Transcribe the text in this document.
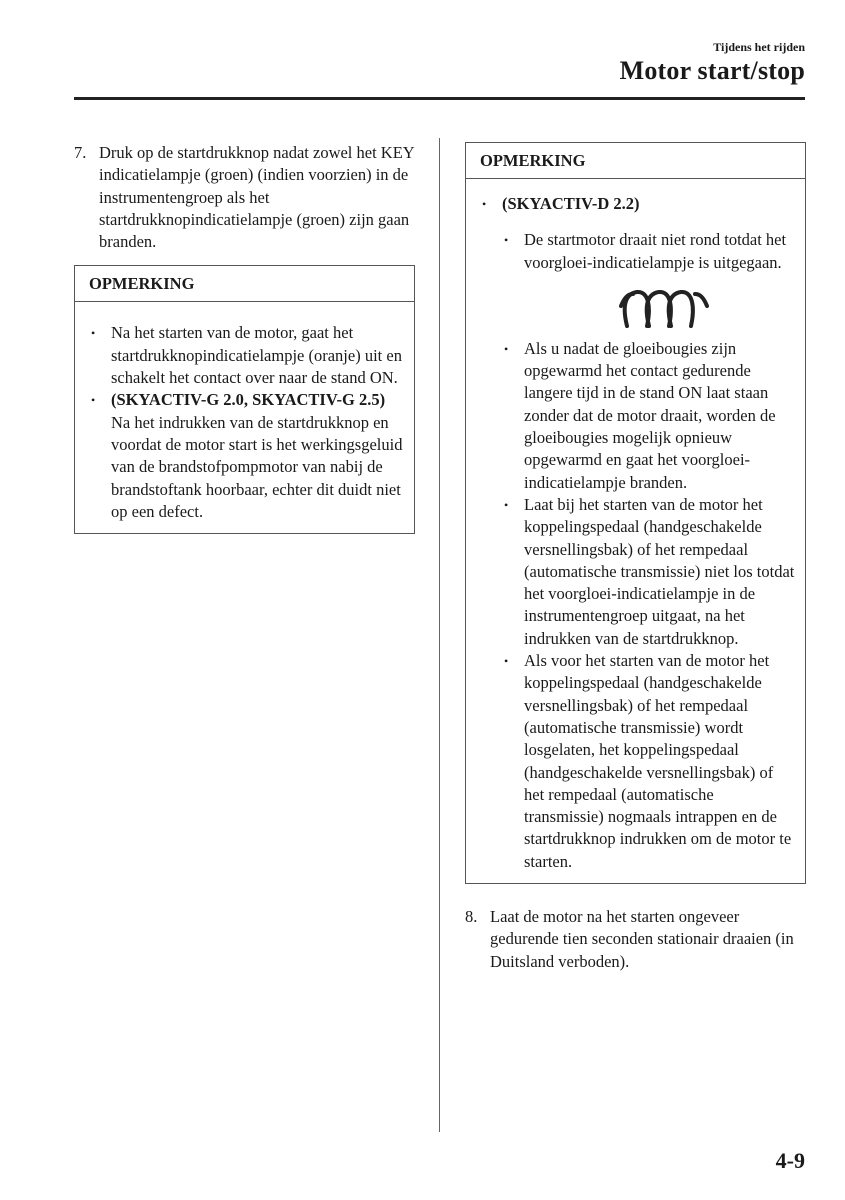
Tijdens het rijden
Motor start/stop
7. Druk op de startdrukknop nadat zowel het KEY indicatielampje (groen) (indien voorzien) in de instrumentengroep als het startdrukknopindicatielampje (groen) zijn gaan branden.
OPMERKING
• Na het starten van de motor, gaat het startdrukknopindicatielampje (oranje) uit en schakelt het contact over naar de stand ON.
• (SKYACTIV-G 2.0, SKYACTIV-G 2.5)
Na het indrukken van de startdrukknop en voordat de motor start is het werkingsgeluid van de brandstofpompmotor van nabij de brandstoftank hoorbaar, echter dit duidt niet op een defect.
OPMERKING
• (SKYACTIV-D 2.2)
• De startmotor draait niet rond totdat het voorgloei-indicatielampje is uitgegaan.
• Als u nadat de gloeibougies zijn opgewarmd het contact gedurende langere tijd in de stand ON laat staan zonder dat de motor draait, worden de gloeibougies mogelijk opnieuw opgewarmd en gaat het voorgloei-indicatielampje branden.
• Laat bij het starten van de motor het koppelingspedaal (handgeschakelde versnellingsbak) of het rempedaal (automatische transmissie) niet los totdat het voorgloei-indicatielampje in de instrumentengroep uitgaat, na het indrukken van de startdrukknop.
• Als voor het starten van de motor het koppelingspedaal (handgeschakelde versnellingsbak) of het rempedaal (automatische transmissie) wordt losgelaten, het koppelingspedaal (handgeschakelde versnellingsbak) of het rempedaal (automatische transmissie) nogmaals intrappen en de startdrukknop indrukken om de motor te starten.
8. Laat de motor na het starten ongeveer gedurende tien seconden stationair draaien (in Duitsland verboden).
4-9
